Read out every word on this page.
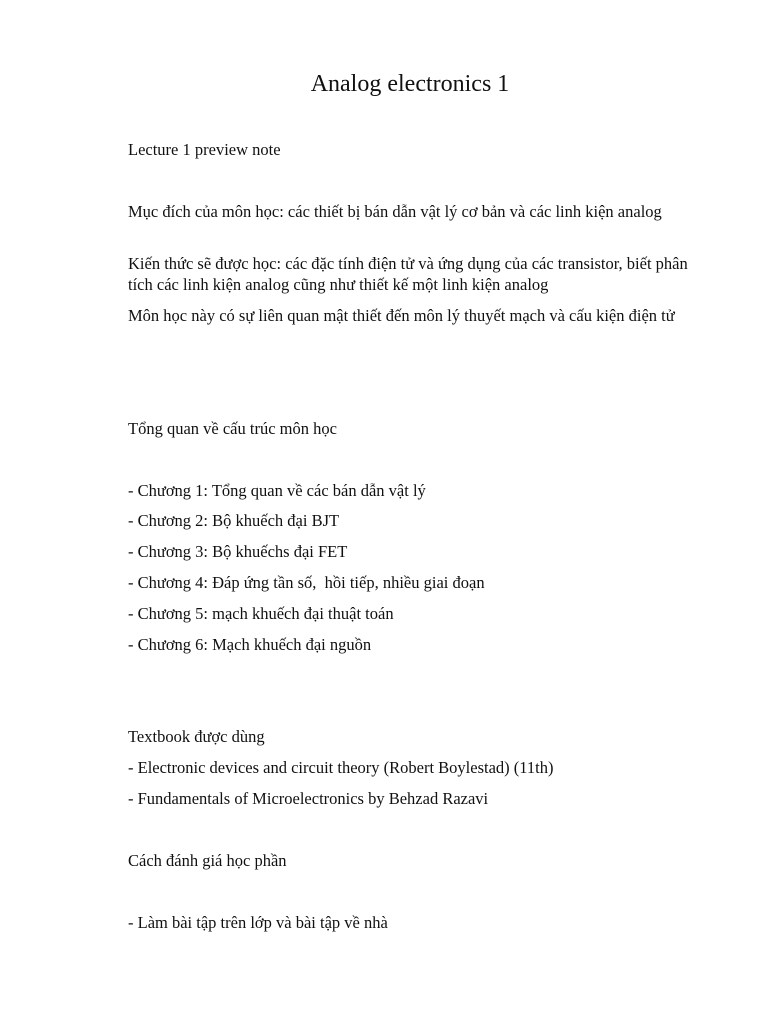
Analog electronics 1

Lecture 1 preview note

Mục đích của môn học: các thiết bị bán dẫn vật lý cơ bản và các linh kiện analog

Kiến thức sẽ được học: các đặc tính điện tử và ứng dụng của các transistor, biết phân tích các linh kiện analog cũng như thiết kế một linh kiện analog

Môn học này có sự liên quan mật thiết đến môn lý thuyết mạch và cấu kiện điện tử

Tổng quan về cấu trúc môn học

- Chương 1: Tổng quan về các bán dẫn vật lý

- Chương 2: Bộ khuếch đại BJT

- Chương 3: Bộ khuếchs đại FET

- Chương 4: Đáp ứng tần số,  hồi tiếp, nhiều giai đoạn

- Chương 5: mạch khuếch đại thuật toán

- Chương 6: Mạch khuếch đại nguồn

Textbook được dùng

- Electronic devices and circuit theory (Robert Boylestad) (11th)

- Fundamentals of Microelectronics by Behzad Razavi

Cách đánh giá học phần

- Làm bài tập trên lớp và bài tập về nhà
